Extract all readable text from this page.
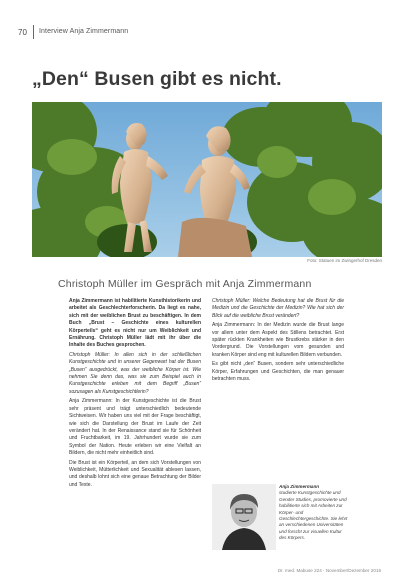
70 Interview Anja Zimmermann
„Den“ Busen gibt es nicht.
Foto: Statuen im Zwingerhof Dresden
Christoph Müller im Gespräch mit Anja Zimmermann

Anja Zimmermann ist habilitierte Kunsthistorikerin und arbeitet als Geschlechterforscherin. Da liegt es nahe, sich mit der weiblichen Brust zu beschäftigen. In dem Buch „Brust – Geschichte eines kulturellen Körperteils“ geht es nicht nur um Weiblichkeit und Ernährung. Christoph Müller lädt mit ihr über die Inhalte des Buches gesprochen.

Christoph Müller: In allen sich in der schließlichen Kunstgeschichte und in unserer Gegenwart hat der Busen „Busen“ ausgedrückt, was der weibliche Körper ist. Wie nehmen Sie denn das, was sie zum Beispiel auch in Kunstgeschichte erleben mit dem Begriff „Busen“ sozusagen als Kunstgeschichtlerin?

Anja Zimmermann: In der Kunstgeschichte ist die Brust sehr präsent und trägt unterschiedlich bedeutende Sichtweisen. Wir haben uns viel mit der Frage beschäftigt, wie sich die Darstellung der Brust im Laufe der Zeit verändert hat. In der Renaissance stand sie für Schönheit und Fruchtbarkeit, im 19. Jahrhundert wurde sie zum Symbol der Nation. Heute erleben wir eine Vielfalt an Bildern, die nicht mehr einheitlich sind.

Die Brust ist ein Körperteil, an dem sich Vorstellungen von Weiblichkeit, Mütterlichkeit und Sexualität ablesen lassen, und deshalb lohnt sich eine genaue Betrachtung der Bilder und Texte.

Christoph Müller: Welche Bedeutung hat die Brust für die Medizin und die Geschichte der Medizin? Wie hat sich der Blick auf die weibliche Brust verändert?

Anja Zimmermann: In der Medizin wurde die Brust lange vor allem unter dem Aspekt des Stillens betrachtet. Erst später rückten Krankheiten wie Brustkrebs stärker in den Vordergrund. Die Vorstellungen vom gesunden und kranken Körper sind eng mit kulturellen Bildern verbunden.

Es gibt nicht „den“ Busen, sondern sehr unterschiedliche Körper, Erfahrungen und Geschichten, die man genauer betrachten muss.

Anja Zimmermann
studierte Kunstgeschichte und Gender Studies, promovierte und habilitierte sich mit Arbeiten zur Körper- und Geschlechtergeschichte. Sie lehrt an verschiedenen Universitäten und forscht zur visuellen Kultur des Körpers.
Dr. med. Mabuse 224 · November/Dezember 2016
